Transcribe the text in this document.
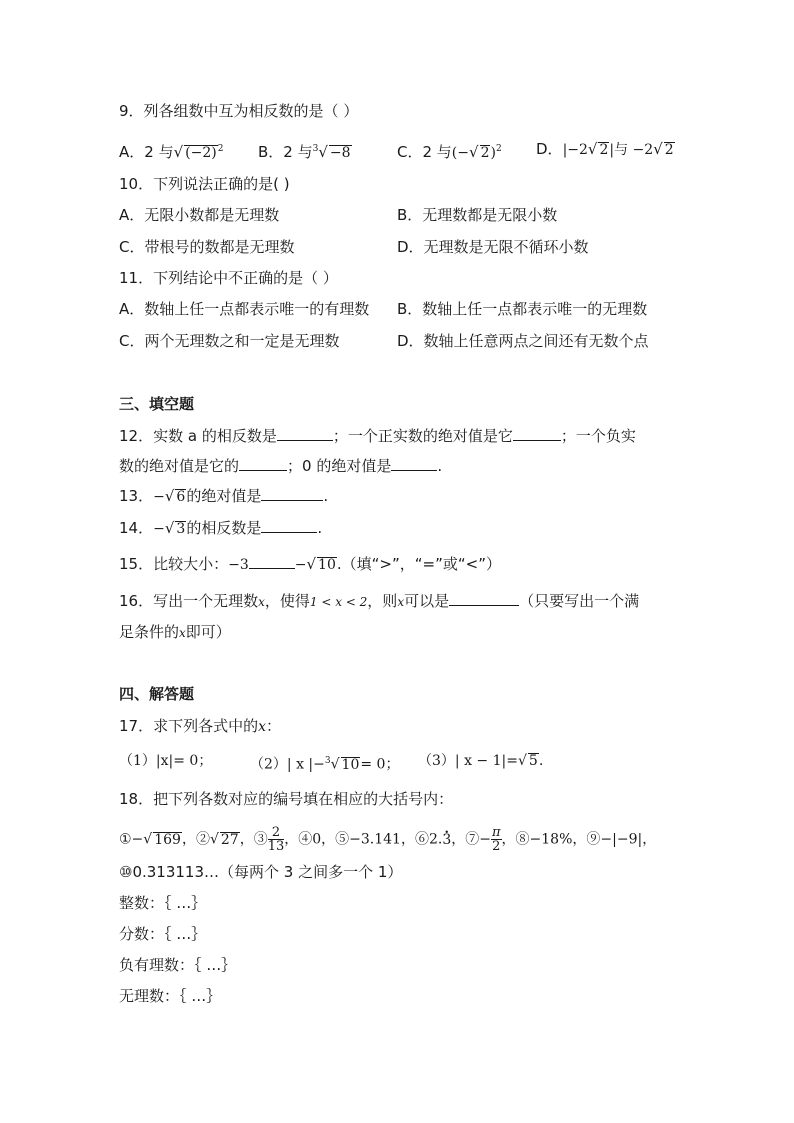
9．列各组数中互为相反数的是（ ）
A．2 与√ $(-2)^2$ B．2 与$^3$√ −8	C．2 与(−√ 2)$^2$ D．|−2√ 2|与 −2√ 2
10．下列说法正确的是( )
A．无限小数都是无理数	B．无理数都是无限小数
C．带根号的数都是无理数	D．无理数是无限不循环小数
11．下列结论中不正确的是（ ）
A．数轴上任一点都表示唯一的有理数 B．数轴上任一点都表示唯一的无理数
C．两个无理数之和一定是无理数	D．数轴上任意两点之间还有无数个点
三、填空题
12．实数 a 的相反数是	；一个正实数的绝对值是它	；一个负实
数的绝对值是它的	；0 的绝对值是	.
13．−√ 6的绝对值是	.
14．−√ 3的相反数是	.
15．比较大小：−3	−√ 10.（填“>”，“=”或“<”）
16．写出一个无理数x，使得1 < x < 2，则x可以是	（只要写出一个满
足条件的x即可）
四、解答题
17．求下列各式中的x：
（1）|x|= 0；	（2）| x |−$^3$√ 10= 0； （3）| x − 1|=√ 5.
18．把下列各数对应的编号填在相应的大括号内：
①−√ 169，②√ 27，③ $\frac{2}{13}$ ，④0，⑤−3.141，⑥2.3 •，⑦− $\frac{\pi}{2}$ ，⑧−18%，⑨−|−9|，
⑩0.313113…（每两个 3 之间多一个 1）
整数：｛ …｝
分数：｛ …｝
负有理数：｛ …｝
无理数：｛ …｝
